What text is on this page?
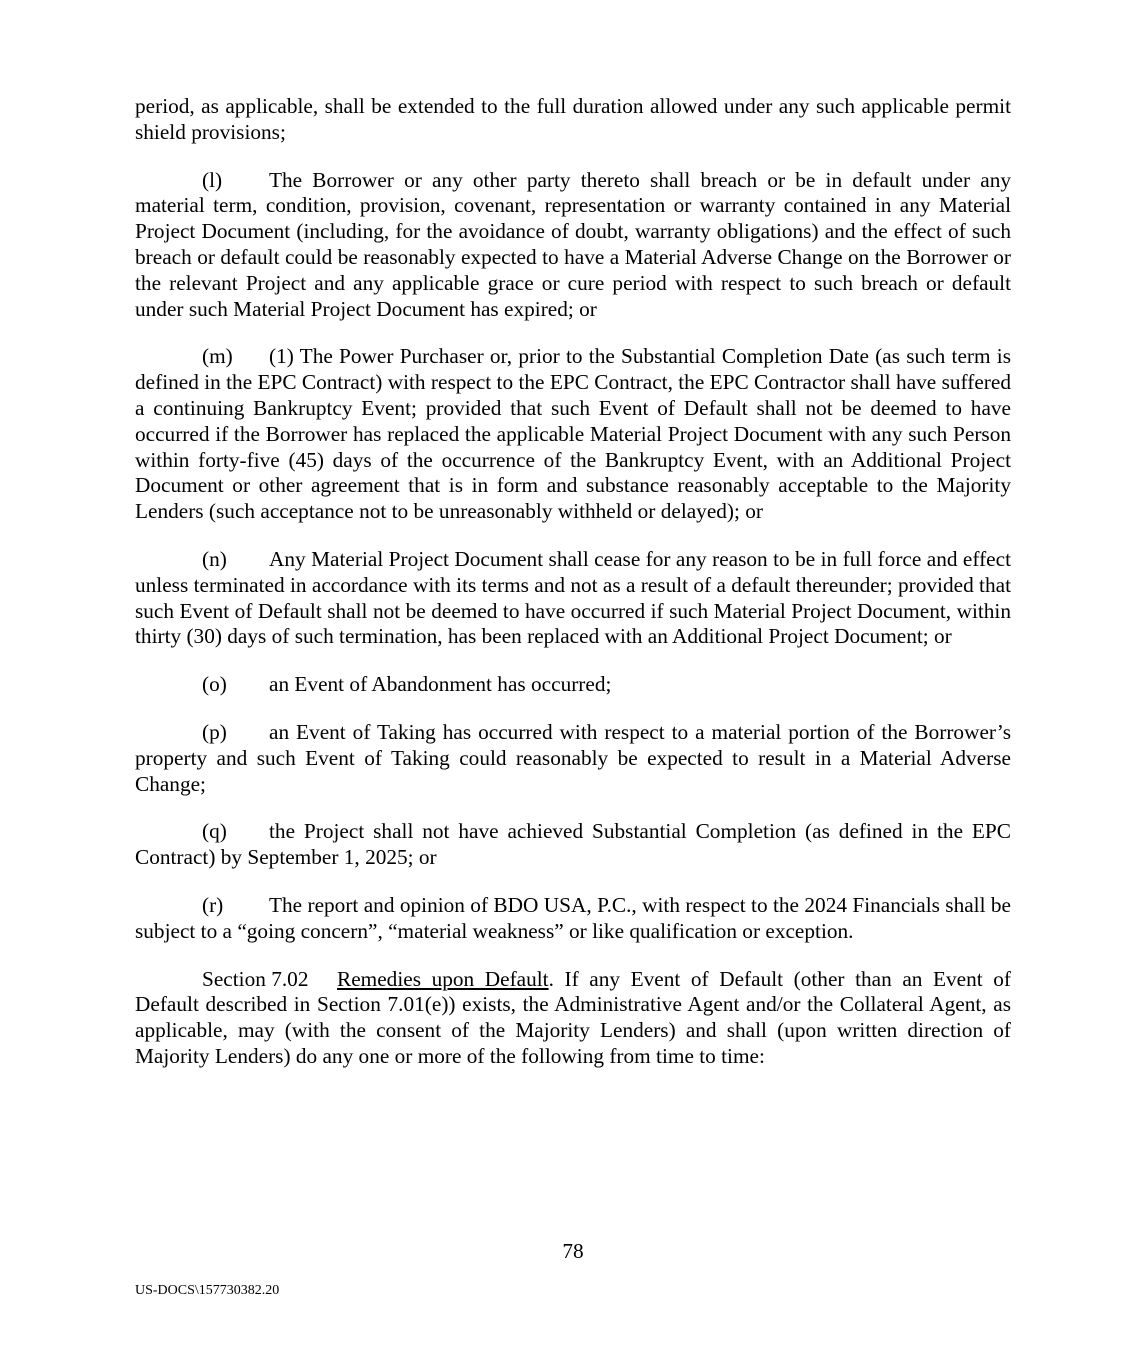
period, as applicable, shall be extended to the full duration allowed under any such applicable permit shield provisions;

(l) The Borrower or any other party thereto shall breach or be in default under any material term, condition, provision, covenant, representation or warranty contained in any Material Project Document (including, for the avoidance of doubt, warranty obligations) and the effect of such breach or default could be reasonably expected to have a Material Adverse Change on the Borrower or the relevant Project and any applicable grace or cure period with respect to such breach or default under such Material Project Document has expired; or

(m) (1) The Power Purchaser or, prior to the Substantial Completion Date (as such term is defined in the EPC Contract) with respect to the EPC Contract, the EPC Contractor shall have suffered a continuing Bankruptcy Event; provided that such Event of Default shall not be deemed to have occurred if the Borrower has replaced the applicable Material Project Document with any such Person within forty-five (45) days of the occurrence of the Bankruptcy Event, with an Additional Project Document or other agreement that is in form and substance reasonably acceptable to the Majority Lenders (such acceptance not to be unreasonably withheld or delayed); or

(n) Any Material Project Document shall cease for any reason to be in full force and effect unless terminated in accordance with its terms and not as a result of a default thereunder; provided that such Event of Default shall not be deemed to have occurred if such Material Project Document, within thirty (30) days of such termination, has been replaced with an Additional Project Document; or

(o) an Event of Abandonment has occurred;

(p) an Event of Taking has occurred with respect to a material portion of the Borrower’s property and such Event of Taking could reasonably be expected to result in a Material Adverse Change;

(q) the Project shall not have achieved Substantial Completion (as defined in the EPC Contract) by September 1, 2025; or

(r) The report and opinion of BDO USA, P.C., with respect to the 2024 Financials shall be subject to a “going concern”, “material weakness” or like qualification or exception.

Section 7.02 Remedies upon Default. If any Event of Default (other than an Event of Default described in Section 7.01(e)) exists, the Administrative Agent and/or the Collateral Agent, as applicable, may (with the consent of the Majority Lenders) and shall (upon written direction of Majority Lenders) do any one or more of the following from time to time:

78
US-DOCS\157730382.20
